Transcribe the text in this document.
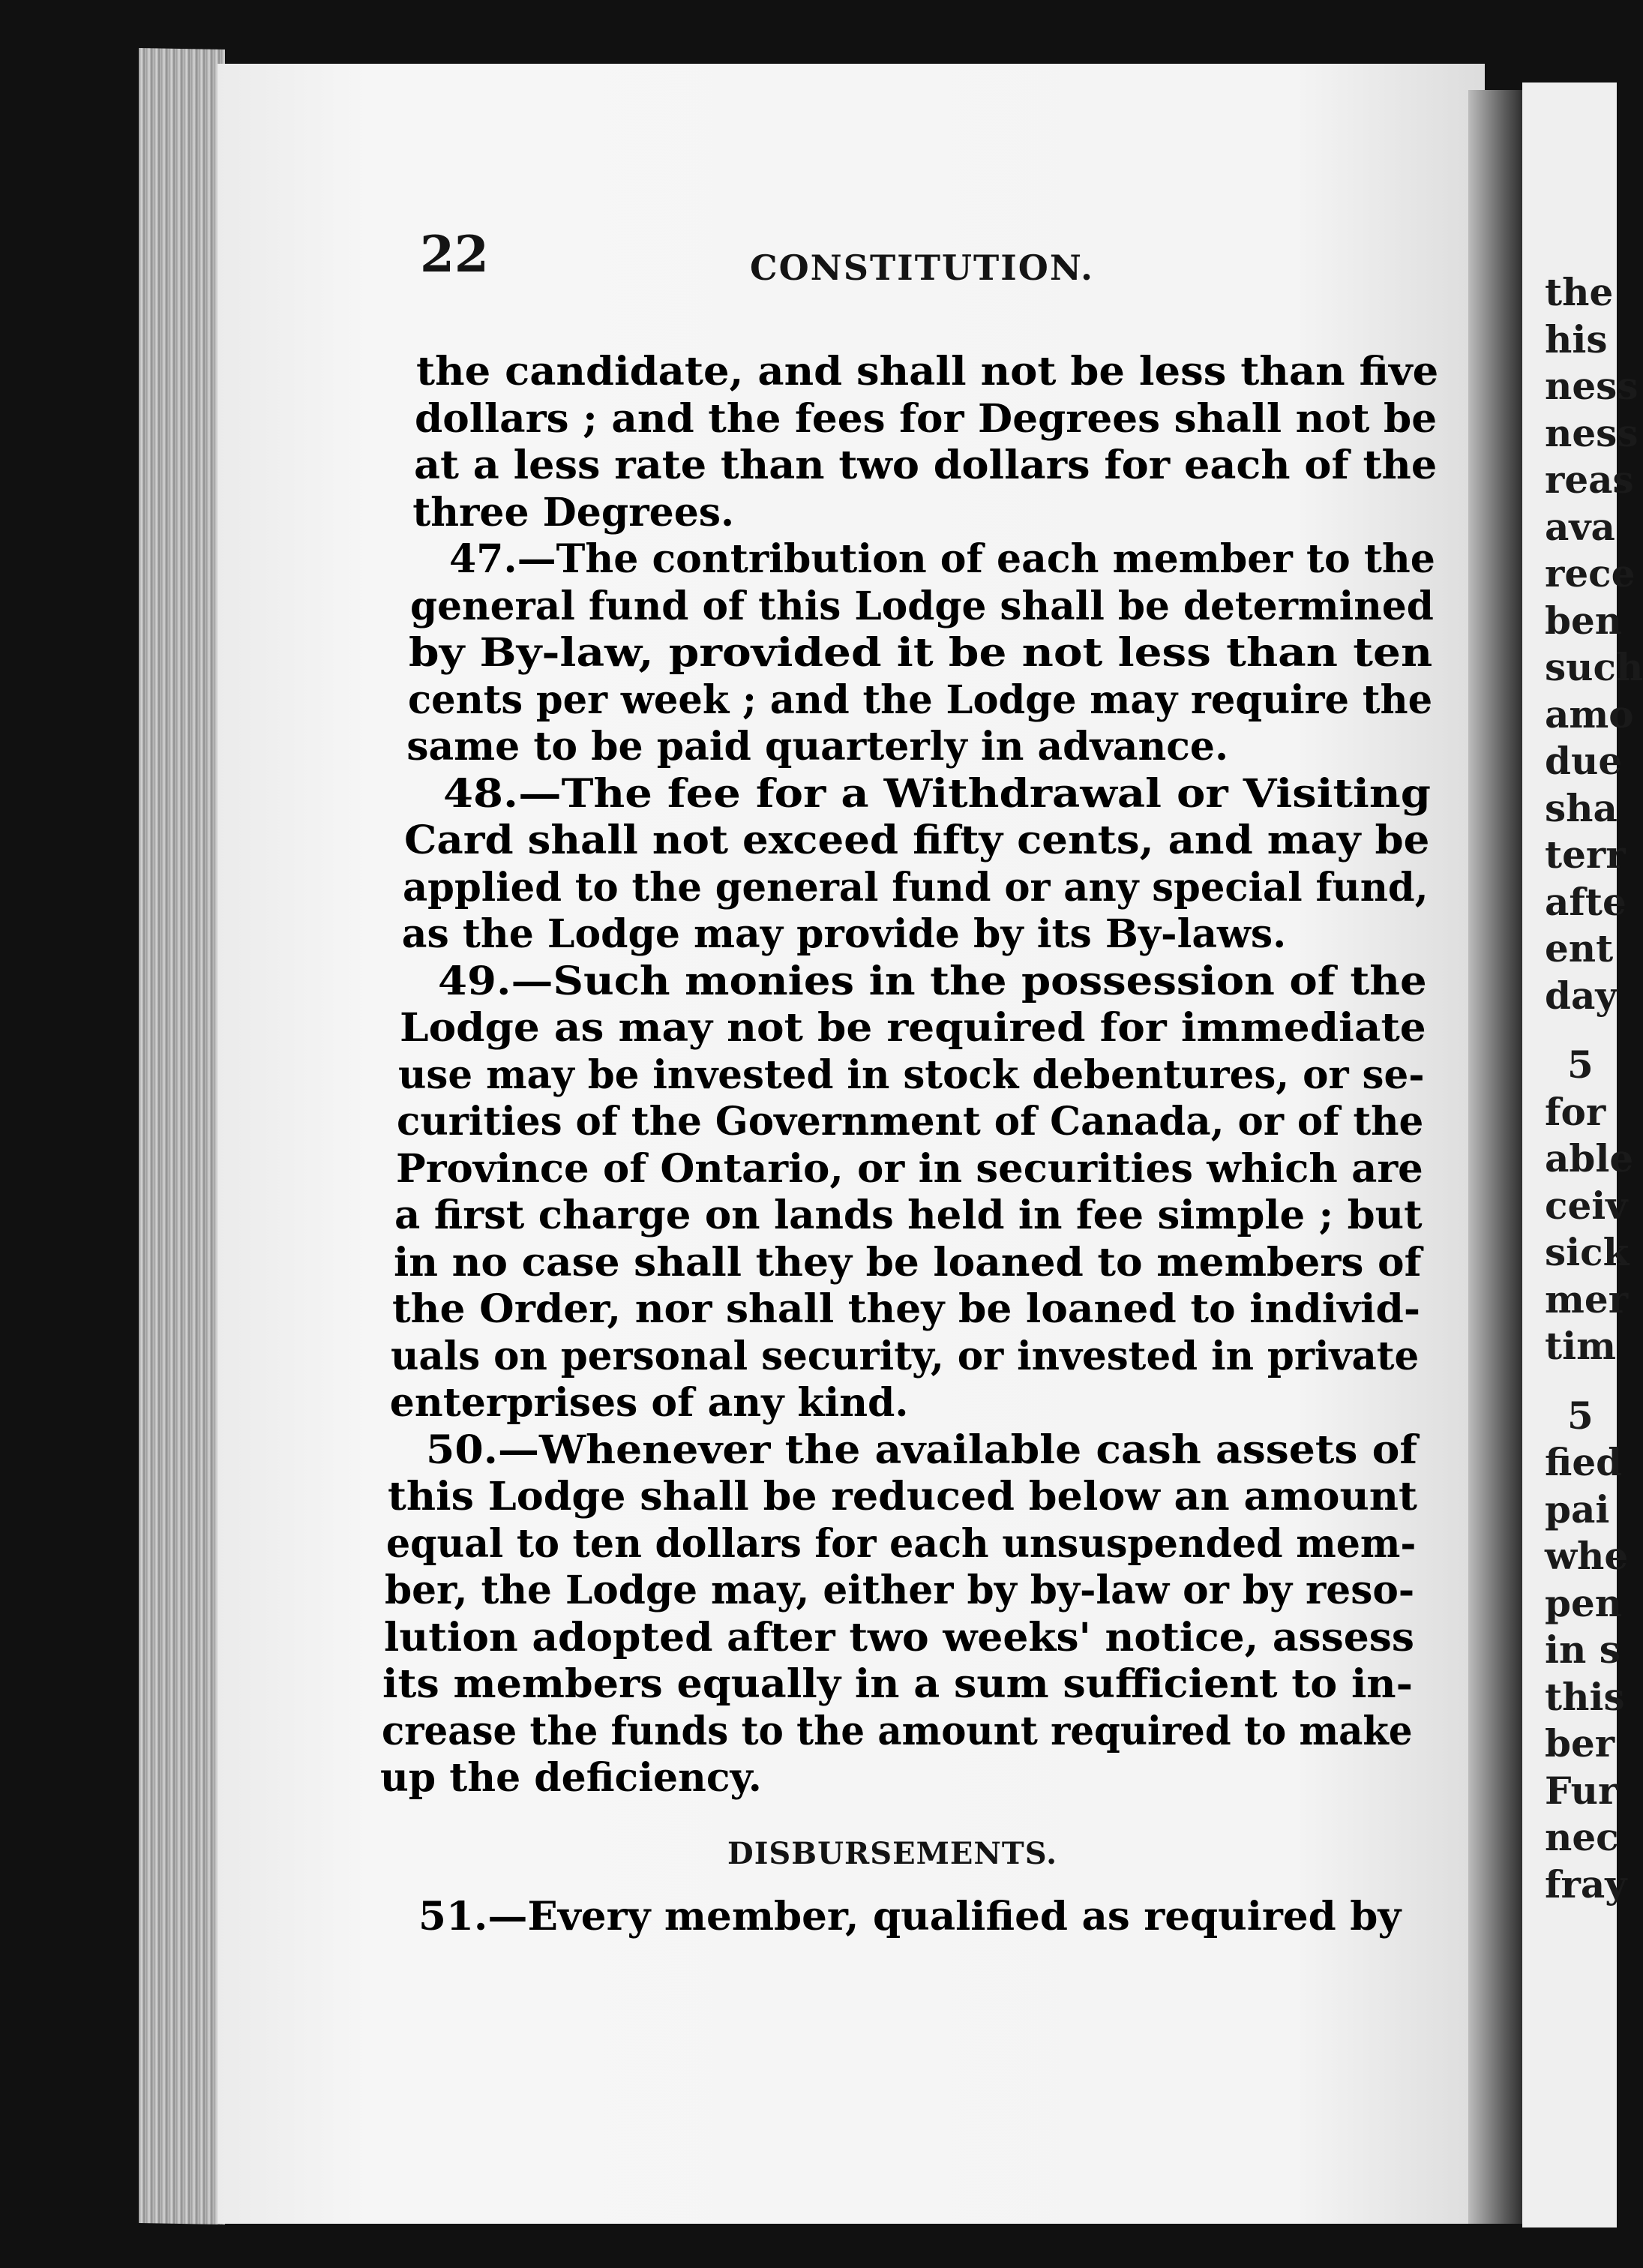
the
his
ness
ness
reas
ava
rece
ben
such
amo
due
sha
terr
afte
ent
day
5
for
able
ceiv
sick
mer
tim
5
fied
pai
whe
pen
in s
this
ber
Fur
nec
fray
22	CONSTITUTION.
the candidate, and shall not be less than five
dollars ; and the fees for Degrees shall not be
at a less rate than two dollars for each of the
three Degrees.
47.—The contribution of each member to the
general fund of this Lodge shall be determined
by By-law, provided it be not less than ten
cents per week ; and the Lodge may require the
same to be paid quarterly in advance.
48.—The fee for a Withdrawal or Visiting
Card shall not exceed fifty cents, and may be
applied to the general fund or any special fund,
as the Lodge may provide by its By-laws.
49.—Such monies in the possession of the
Lodge as may not be required for immediate
use may be invested in stock debentures, or se-
curities of the Government of Canada, or of the
Province of Ontario, or in securities which are
a first charge on lands held in fee simple ; but
in no case shall they be loaned to members of
the Order, nor shall they be loaned to individ-
uals on personal security, or invested in private
enterprises of any kind.
50.—Whenever the available cash assets of
this Lodge shall be reduced below an amount
equal to ten dollars for each unsuspended mem-
ber, the Lodge may, either by by-law or by reso-
lution adopted after two weeks' notice, assess
its members equally in a sum sufficient to in-
crease the funds to the amount required to make
up the deficiency.
DISBURSEMENTS.
51.—Every member, qualified as required by
